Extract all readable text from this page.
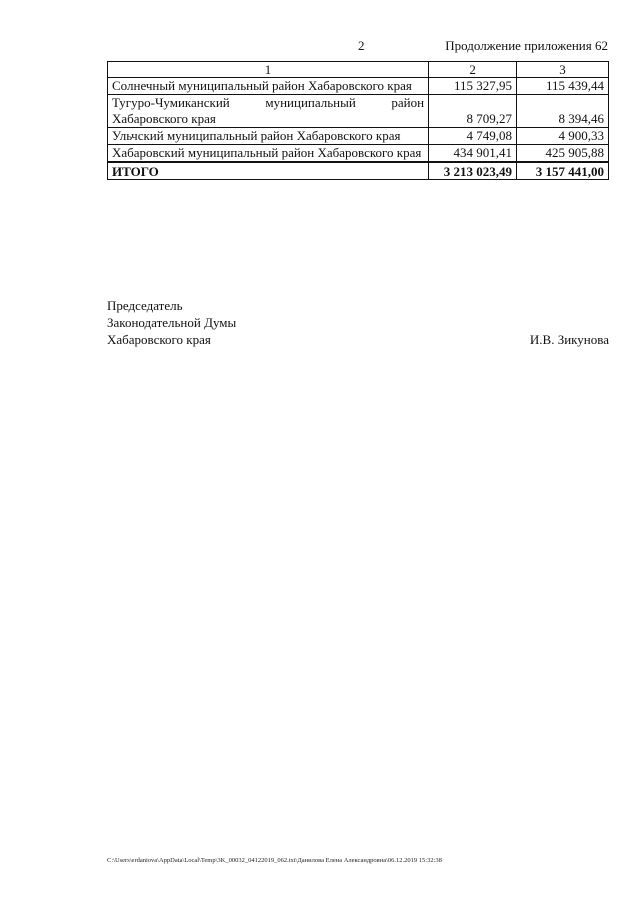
2	Продолжение приложения 62
1	2	3
Солнечный муниципальный район Хабаровского края	115 327,95	115 439,44
Тугуро-Чумиканский муниципальный район Хабаровского края	8 709,27	8 394,46
Ульчский муниципальный район Хабаровского края	4 749,08	4 900,33
Хабаровский муниципальный район Хабаровского края	434 901,41	425 905,88
ИТОГО	3 213 023,49	3 157 441,00
Председатель
Законодательной Думы
Хабаровского края	И.В. Зикунова
C:\Users\erdaniova\AppData\Local\Temp\3K_00032_04122019_062.txt\Данилова Елена Александровна\06.12.2019 15:32:38
